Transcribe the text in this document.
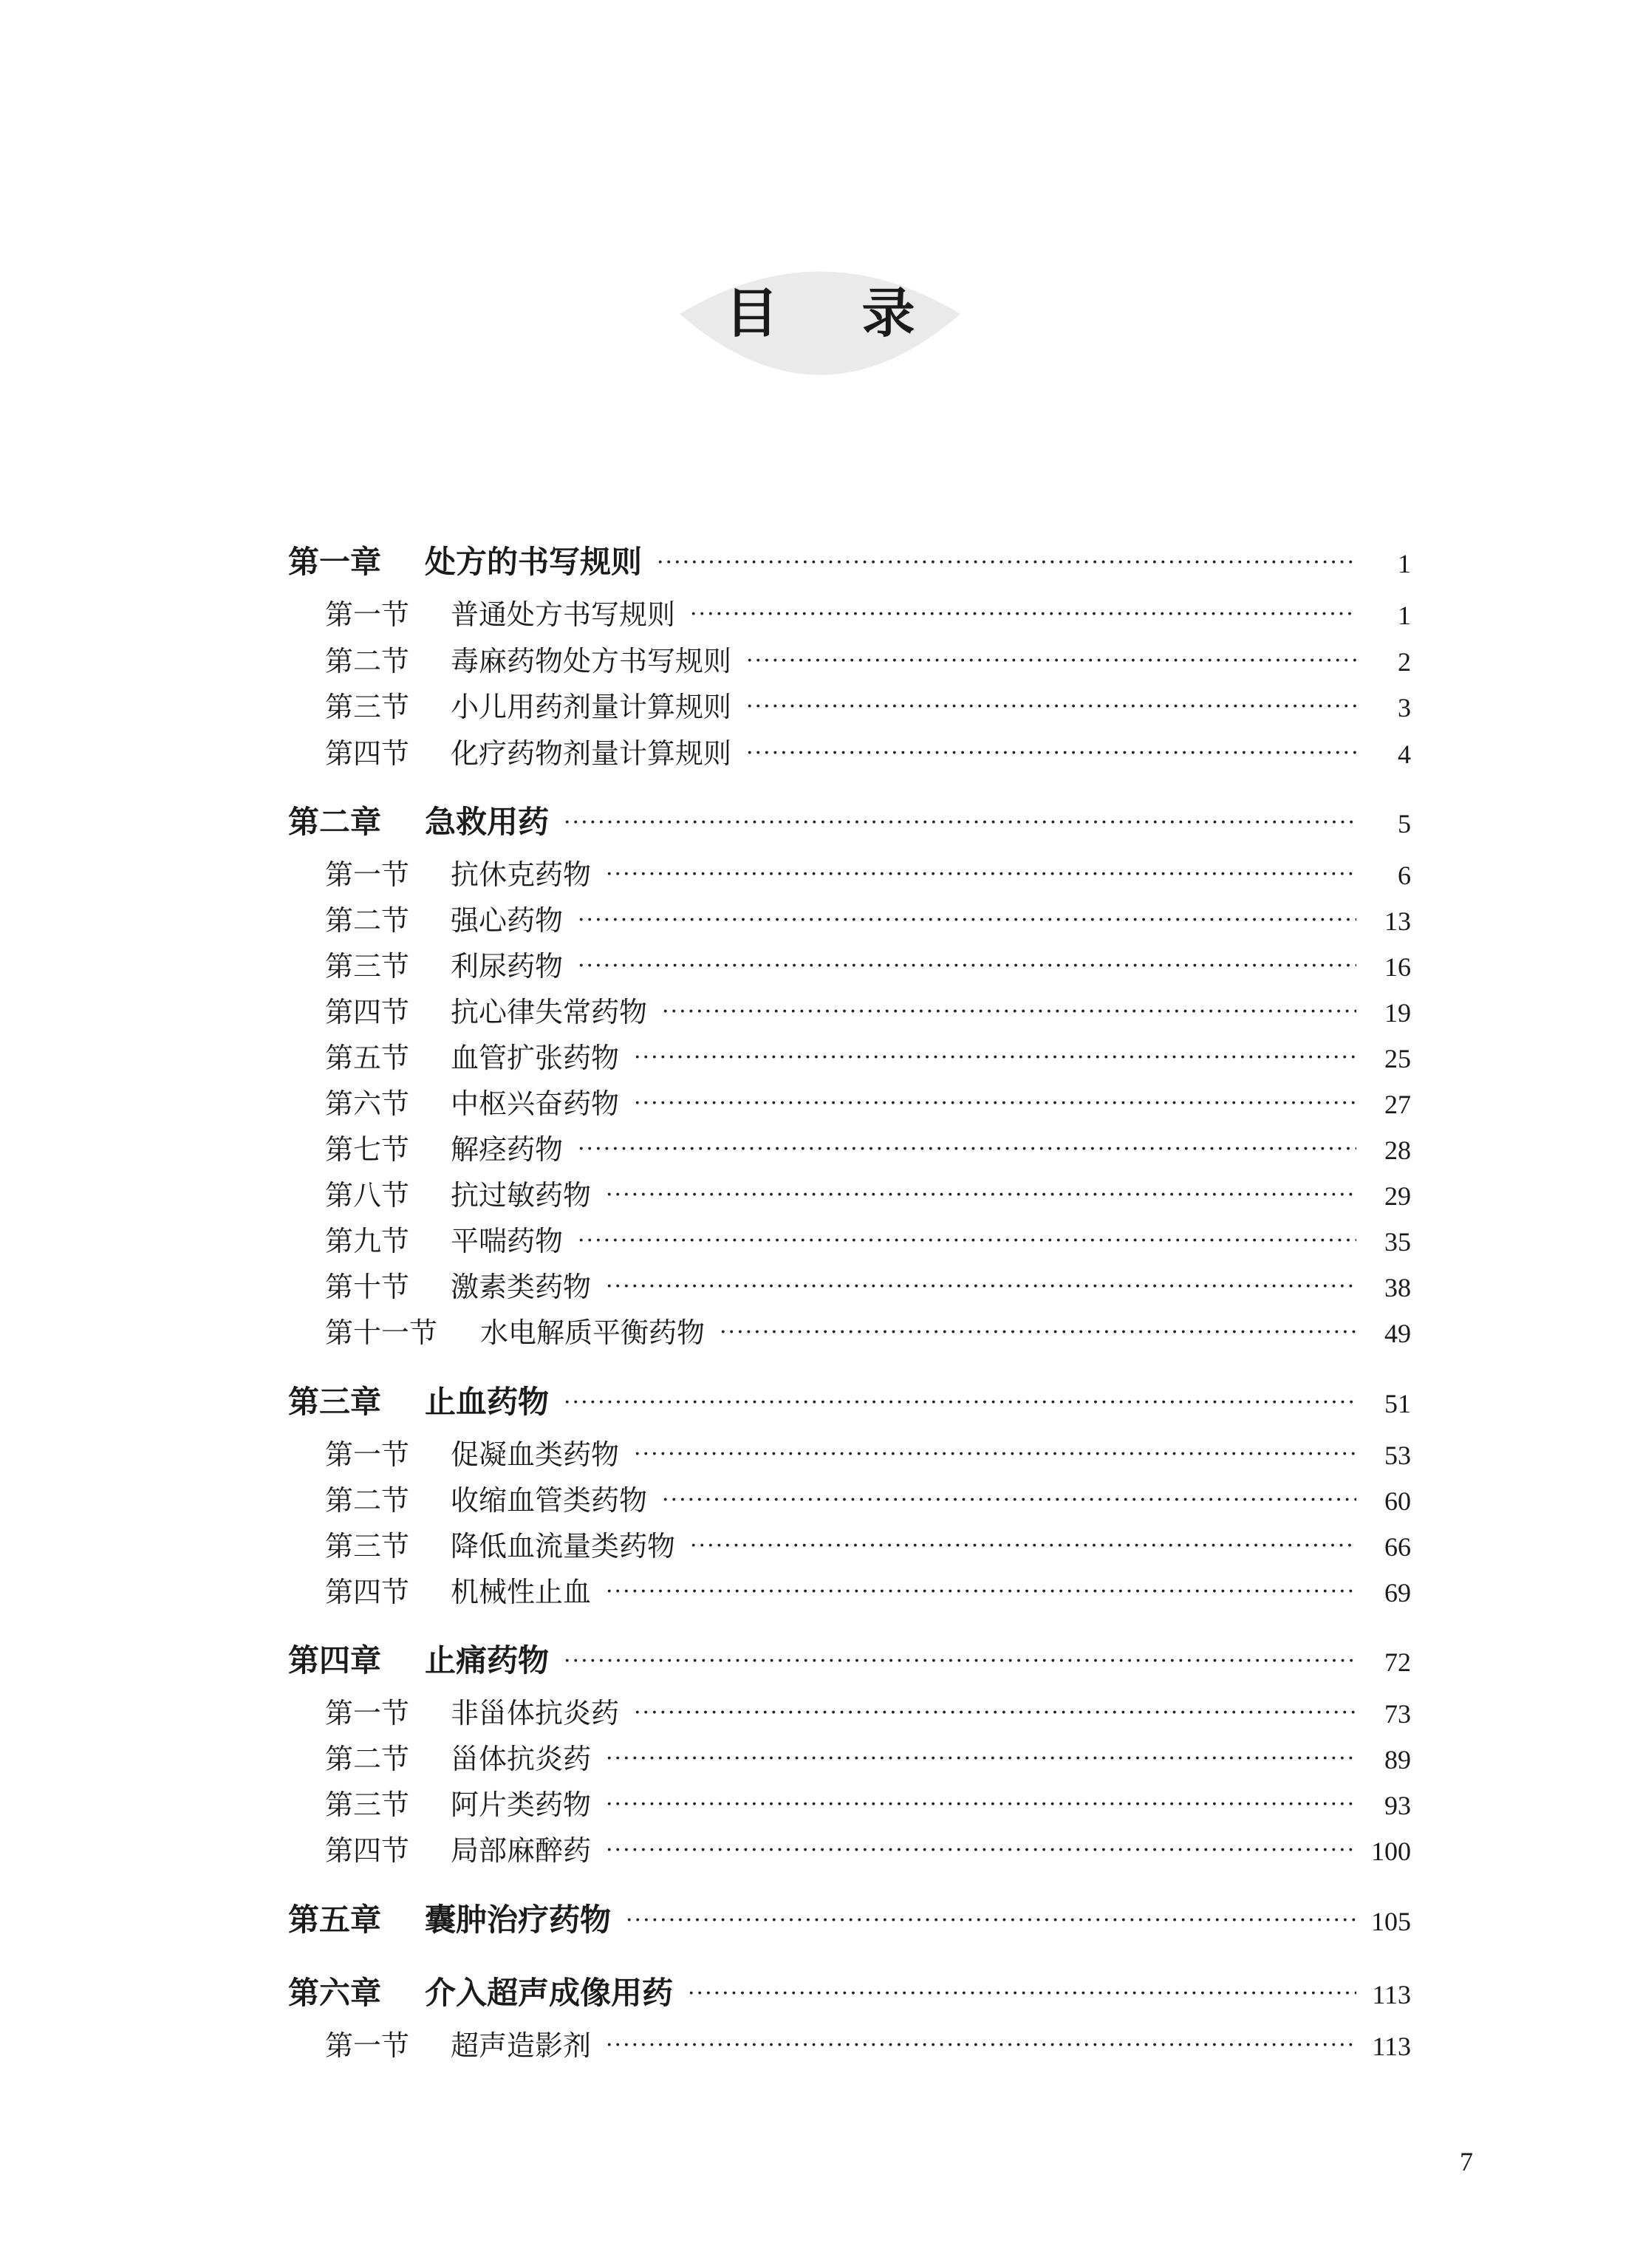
目 录
第一章	处方的书写规则 ·····	1
第一节	普通处方书写规则 ·····	1
第二节	毒麻药物处方书写规则 ·····	2
第三节	小儿用药剂量计算规则 ·····	3
第四节	化疗药物剂量计算规则 ·····	4
第二章	急救用药 ·····	5
第一节	抗休克药物 ·····	6
第二节	强心药物 ·····	13
第三节	利尿药物 ·····	16
第四节	抗心律失常药物 ·····	19
第五节	血管扩张药物 ·····	25
第六节	中枢兴奋药物 ·····	27
第七节	解痉药物 ·····	28
第八节	抗过敏药物 ·····	29
第九节	平喘药物 ·····	35
第十节	激素类药物 ·····	38
第十一节	水电解质平衡药物 ·····	49
第三章	止血药物 ·····	51
第一节	促凝血类药物 ·····	53
第二节	收缩血管类药物 ·····	60
第三节	降低血流量类药物 ·····	66
第四节	机械性止血 ·····	69
第四章	止痛药物 ·····	72
第一节	非甾体抗炎药 ·····	73
第二节	甾体抗炎药 ·····	89
第三节	阿片类药物 ·····	93
第四节	局部麻醉药 ·····	100
第五章	囊肿治疗药物 ·····	105
第六章	介入超声成像用药 ·····	113
第一节	超声造影剂 ·····	113
7
